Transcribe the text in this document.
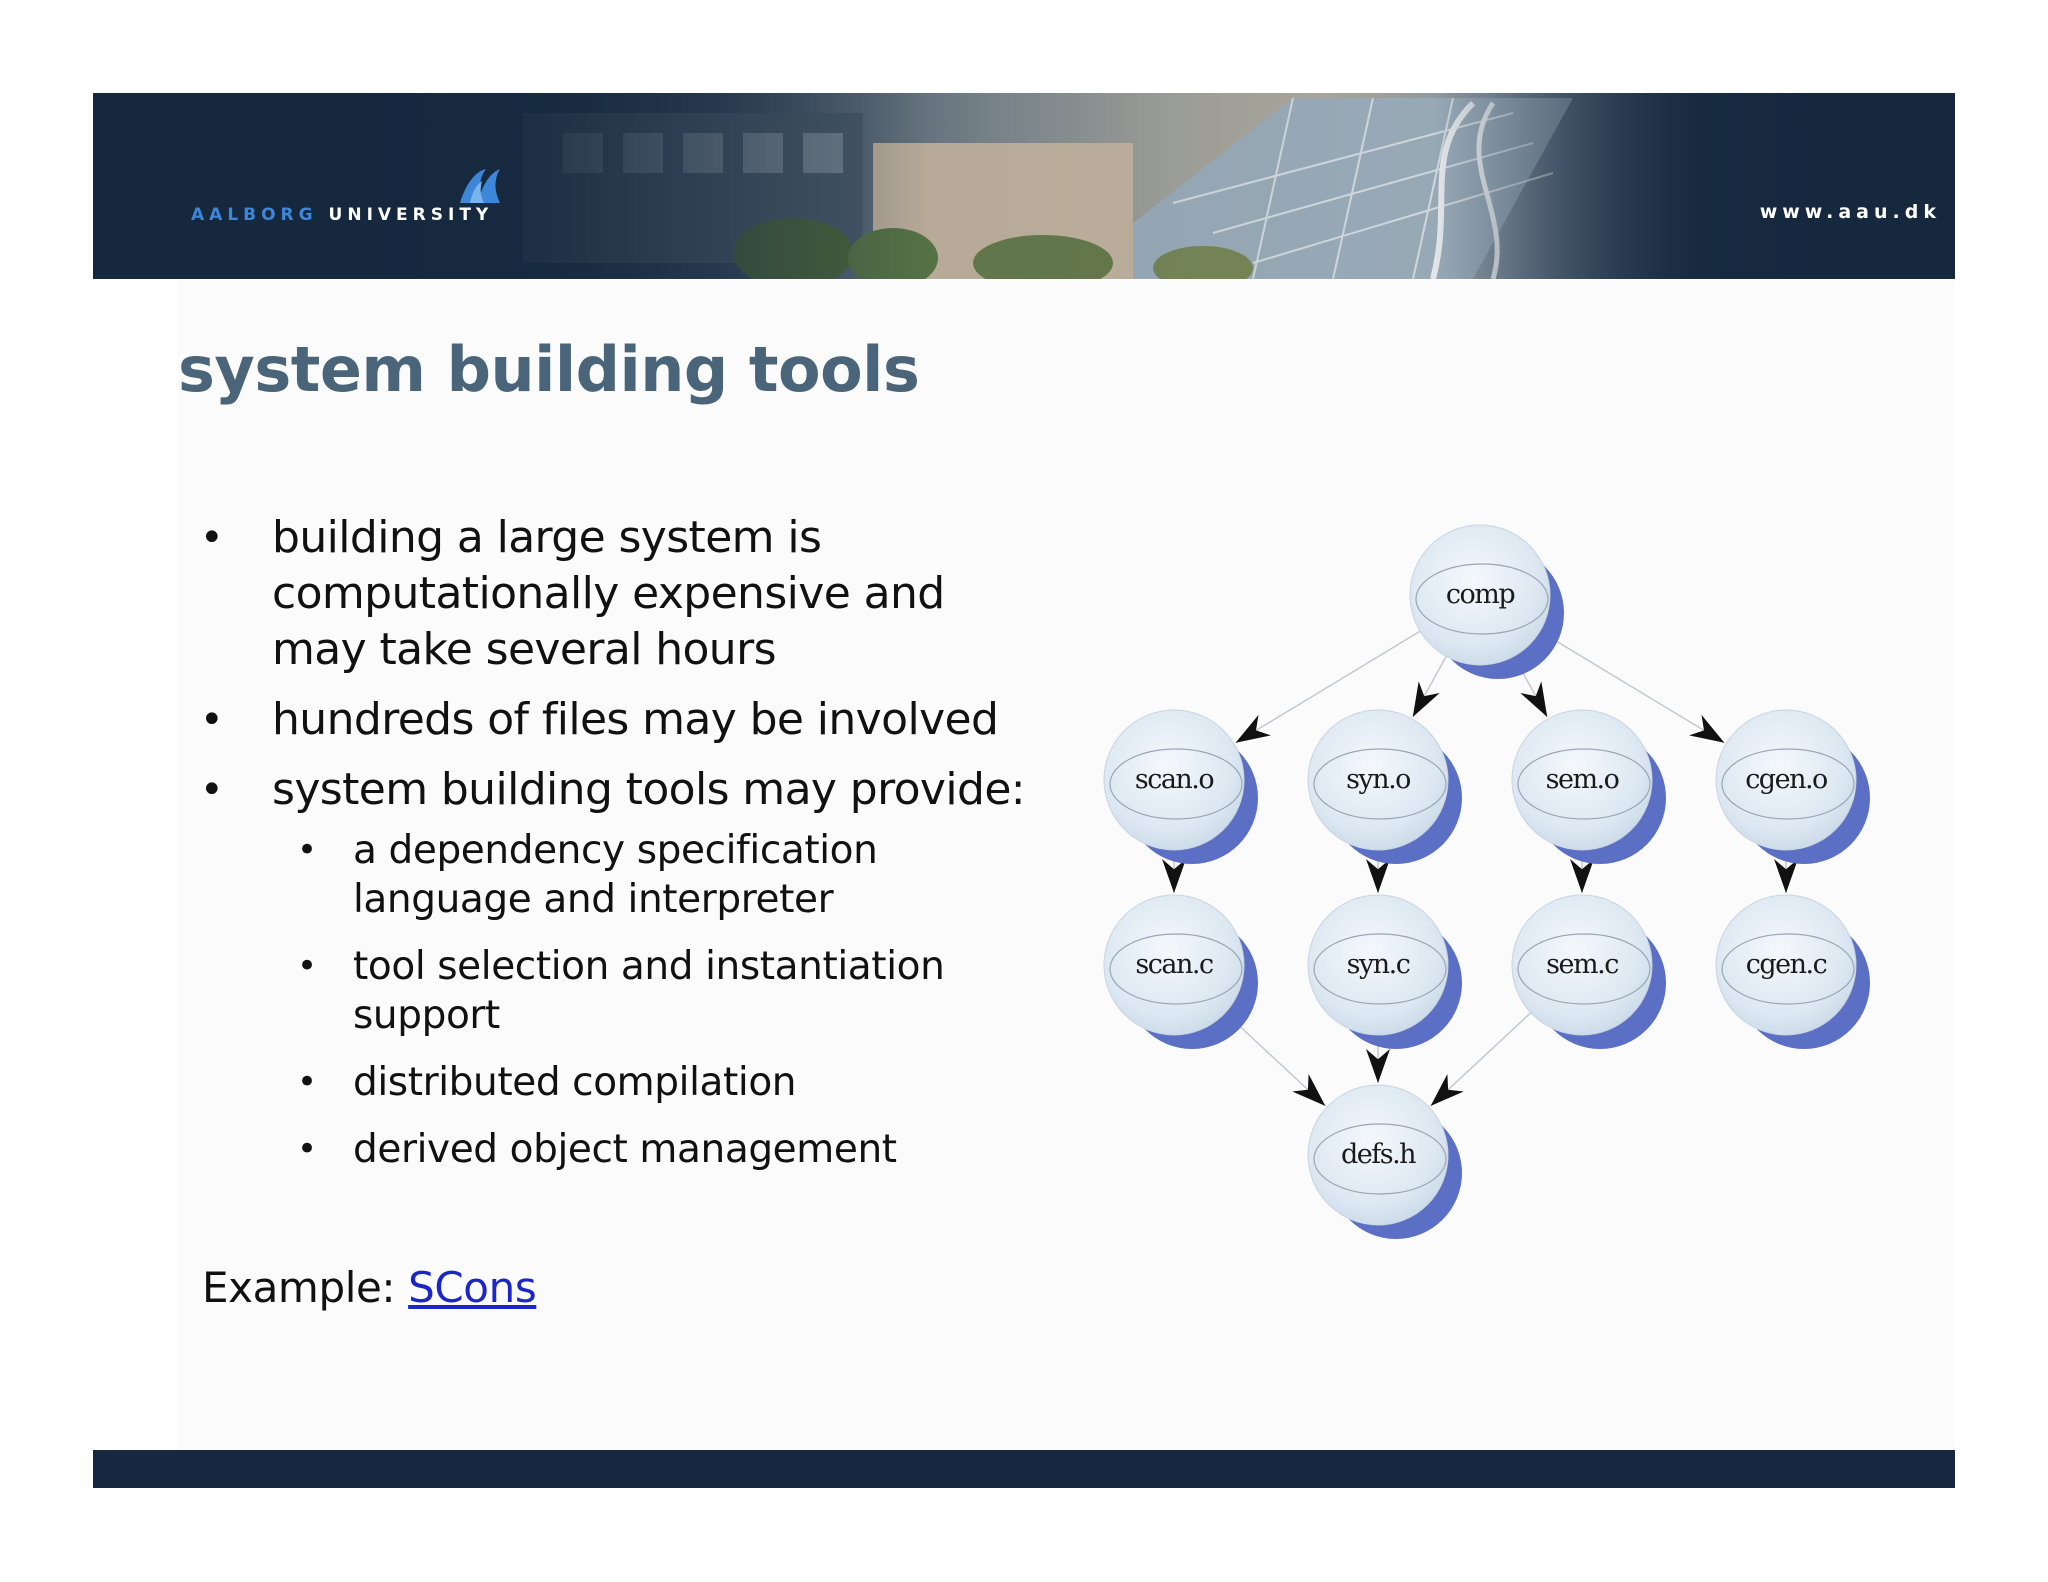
AALBORG UNIVERSITY	www.aau.dk
system building tools
• building a large system is computationally expensive and may take several hours
• hundreds of files may be involved
• system building tools may provide:
• a dependency specification language and interpreter
• tool selection and instantiation support
• distributed compilation
• derived object management
Example: SCons
comp
scan.o	syn.o	sem.o	cgen.o
scan.c	syn.c	sem.c	cgen.c
defs.h
